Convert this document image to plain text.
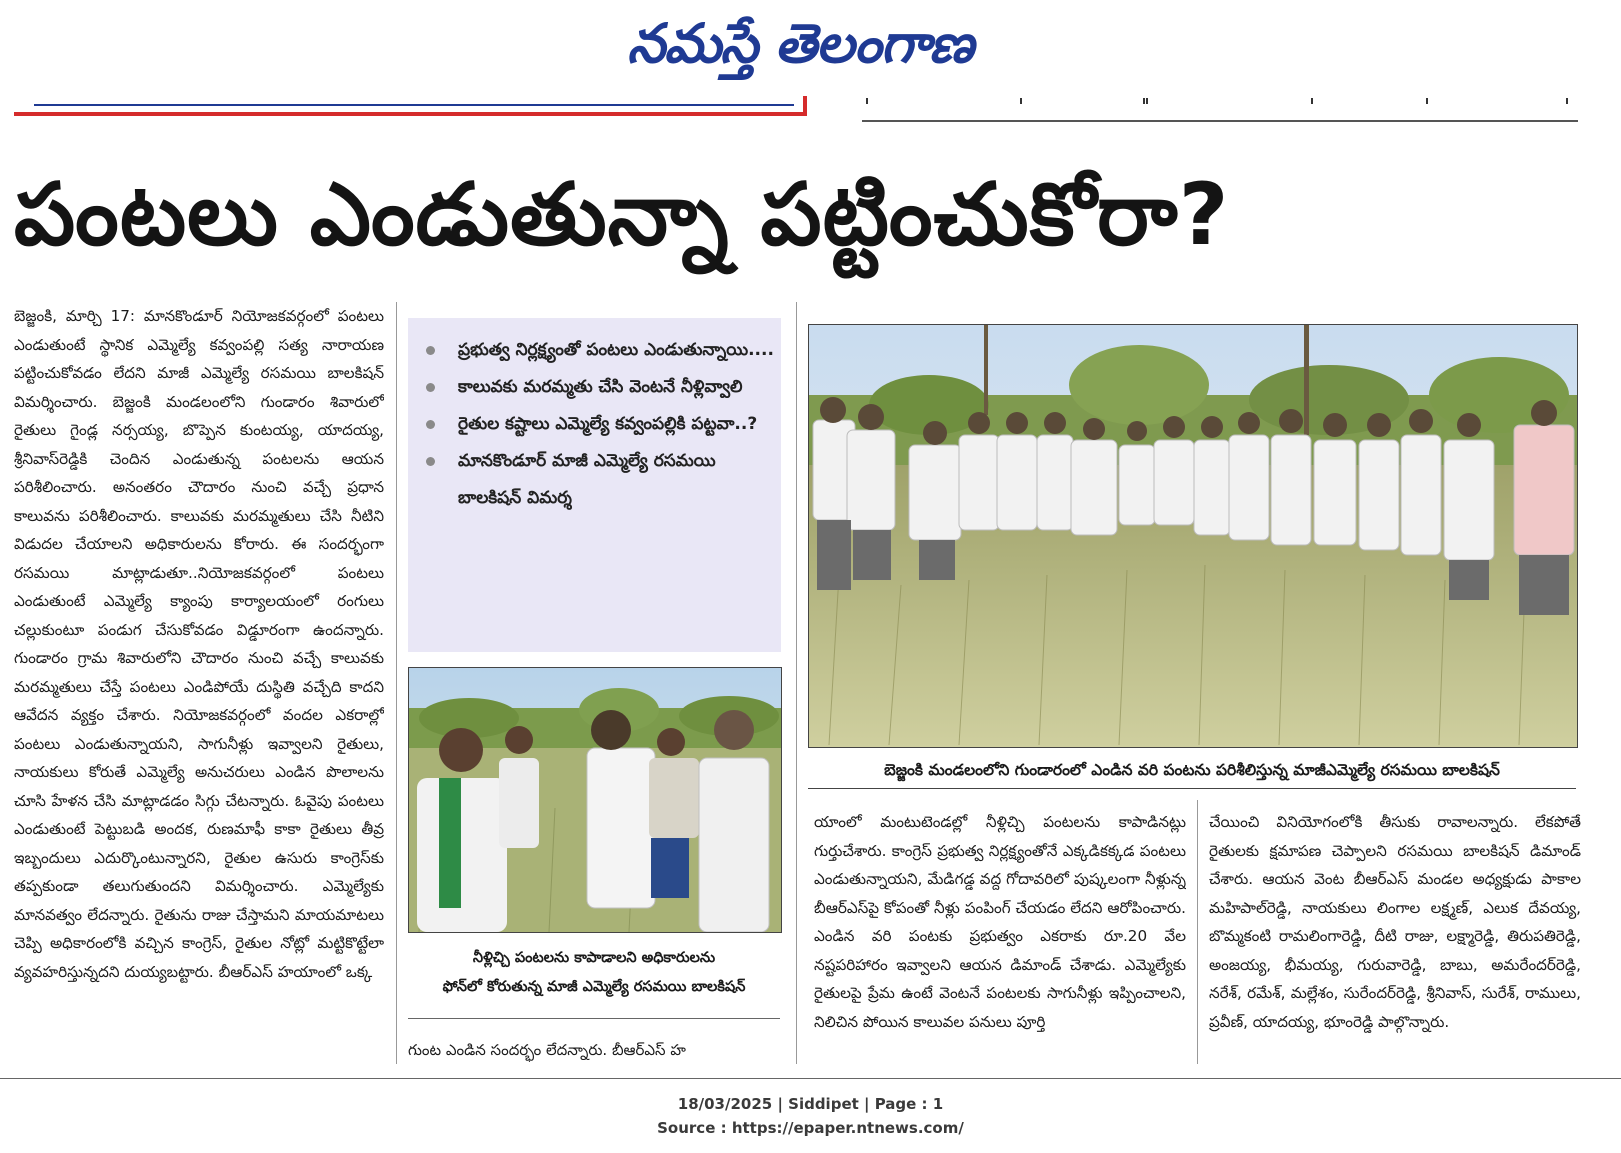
నమస్తే తెలంగాణ
పంటలు ఎండుతున్నా పట్టించుకోరా?
బెజ్జంకి, మార్చి 17: మానకొండూర్ నియోజకవర్గంలో పంటలు ఎండుతుంటే స్థానిక ఎమ్మెల్యే కవ్వంపల్లి సత్య నారాయణ పట్టించుకోవడం లేదని మాజీ ఎమ్మెల్యే రసమయి బాలకిషన్ విమర్శించారు. బెజ్జంకి మండలంలోని గుండారం శివారులో రైతులు గైండ్ల నర్సయ్య, బొప్పెన కుంటయ్య, యాదయ్య, శ్రీనివాస్‌రెడ్డికి చెందిన ఎండుతున్న పంటలను ఆయన పరిశీలించారు. అనంతరం చౌదారం నుంచి వచ్చే ప్రధాన కాలువను పరిశీలించారు. కాలువకు మరమ్మతులు చేసి నీటిని విడుదల చేయాలని అధికారులను కోరారు. ఈ సందర్భంగా రసమయి మాట్లాడుతూ..నియోజకవర్గంలో పంటలు ఎండుతుంటే ఎమ్మెల్యే క్యాంపు కార్యాలయంలో రంగులు చల్లుకుంటూ పండుగ చేసుకోవడం విడ్డూరంగా ఉందన్నారు. గుండారం గ్రామ శివారులోని చౌదారం నుంచి వచ్చే కాలువకు మరమ్మతులు చేస్తే పంటలు ఎండిపోయే దుస్థితి వచ్చేది కాదని ఆవేదన వ్యక్తం చేశారు. నియోజకవర్గంలో వందల ఎకరాల్లో పంటలు ఎండుతున్నాయని, సాగునీళ్లు ఇవ్వాలని రైతులు, నాయకులు కోరుతే ఎమ్మెల్యే అనుచరులు ఎండిన పొలాలను చూసి హేళన చేసి మాట్లాడడం సిగ్గు చేటన్నారు. ఓవైపు పంటలు ఎండుతుంటే పెట్టుబడి అందక, రుణమాఫీ కాకా రైతులు తీవ్ర ఇబ్బందులు ఎదుర్కొంటున్నారని, రైతుల ఉసురు కాంగ్రెస్‌కు తప్పకుండా తలుగుతుందని విమర్శించారు. ఎమ్మెల్యేకు మానవత్వం లేదన్నారు. రైతును రాజు చేస్తామని మాయమాటలు చెప్పి అధికారంలోకి వచ్చిన కాంగ్రెస్, రైతుల నోట్లో మట్టికొట్టేలా వ్యవహరిస్తున్నదని దుయ్యబట్టారు. బీఆర్‌ఎస్ హయాంలో ఒక్క
ప్రభుత్వ నిర్లక్ష్యంతో పంటలు ఎండుతున్నాయి....
కాలువకు మరమ్మతు చేసి వెంటనే నీళ్లివ్వాలి
రైతుల కష్టాలు ఎమ్మెల్యే కవ్వంపల్లికి పట్టవా..?
మానకొండూర్ మాజీ ఎమ్మెల్యే రసమయి బాలకిషన్ విమర్శ
బెజ్జంకి మండలంలోని గుండారంలో ఎండిన వరి పంటను పరిశీలిస్తున్న మాజీఎమ్మెల్యే రసమయి బాలకిషన్
నీళ్లిచ్చి పంటలను కాపాడాలని అధికారులను
ఫోన్‌లో కోరుతున్న మాజీ ఎమ్మెల్యే రసమయి బాలకిషన్
గుంట ఎండిన సందర్భం లేదన్నారు. బీఆర్‌ఎస్ హ
యాంలో మంటుటెండల్లో నీళ్లిచ్చి పంటలను కాపాడినట్లు గుర్తుచేశారు. కాంగ్రెస్ ప్రభుత్వ నిర్లక్ష్యంతోనే ఎక్కడికక్కడ పంటలు ఎండుతున్నాయని, మేడిగడ్డ వద్ద గోదావరిలో పుష్కలంగా నీళ్లున్న బీఆర్‌ఎస్‌పై కోపంతో నీళ్లు పంపింగ్ చేయడం లేదని ఆరోపించారు. ఎండిన వరి పంటకు ప్రభుత్వం ఎకరాకు రూ.20 వేల నష్టపరిహారం ఇవ్వాలని ఆయన డిమాండ్ చేశాడు. ఎమ్మెల్యేకు రైతులపై ప్రేమ ఉంటే వెంటనే పంటలకు సాగునీళ్లు ఇప్పించాలని, నిలిచిన పోయిన కాలువల పనులు పూర్తి
చేయించి వినియోగంలోకి తీసుకు రావాలన్నారు. లేకపోతే రైతులకు క్షమాపణ చెప్పాలని రసమయి బాలకిషన్ డిమాండ్ చేశారు. ఆయన వెంట బీఆర్‌ఎస్ మండల అధ్యక్షుడు పాకాల మహిపాల్‌రెడ్డి, నాయకులు లింగాల లక్ష్మణ్, ఎలుక దేవయ్య, బొమ్మకంటి రామలింగారెడ్డి, దీటి రాజు, లక్ష్మారెడ్డి, తిరుపతిరెడ్డి, అంజయ్య, భీమయ్య, గురువారెడ్డి, బాబు, అమరేందర్‌రెడ్డి, నరేశ్, రమేశ్, మల్లేశం, సురేందర్‌రెడ్డి, శ్రీనివాస్, సురేశ్, రాములు, ప్రవీణ్, యాదయ్య, భూంరెడ్డి పాల్గొన్నారు.
18/03/2025 | Siddipet | Page : 1
Source : https://epaper.ntnews.com/
